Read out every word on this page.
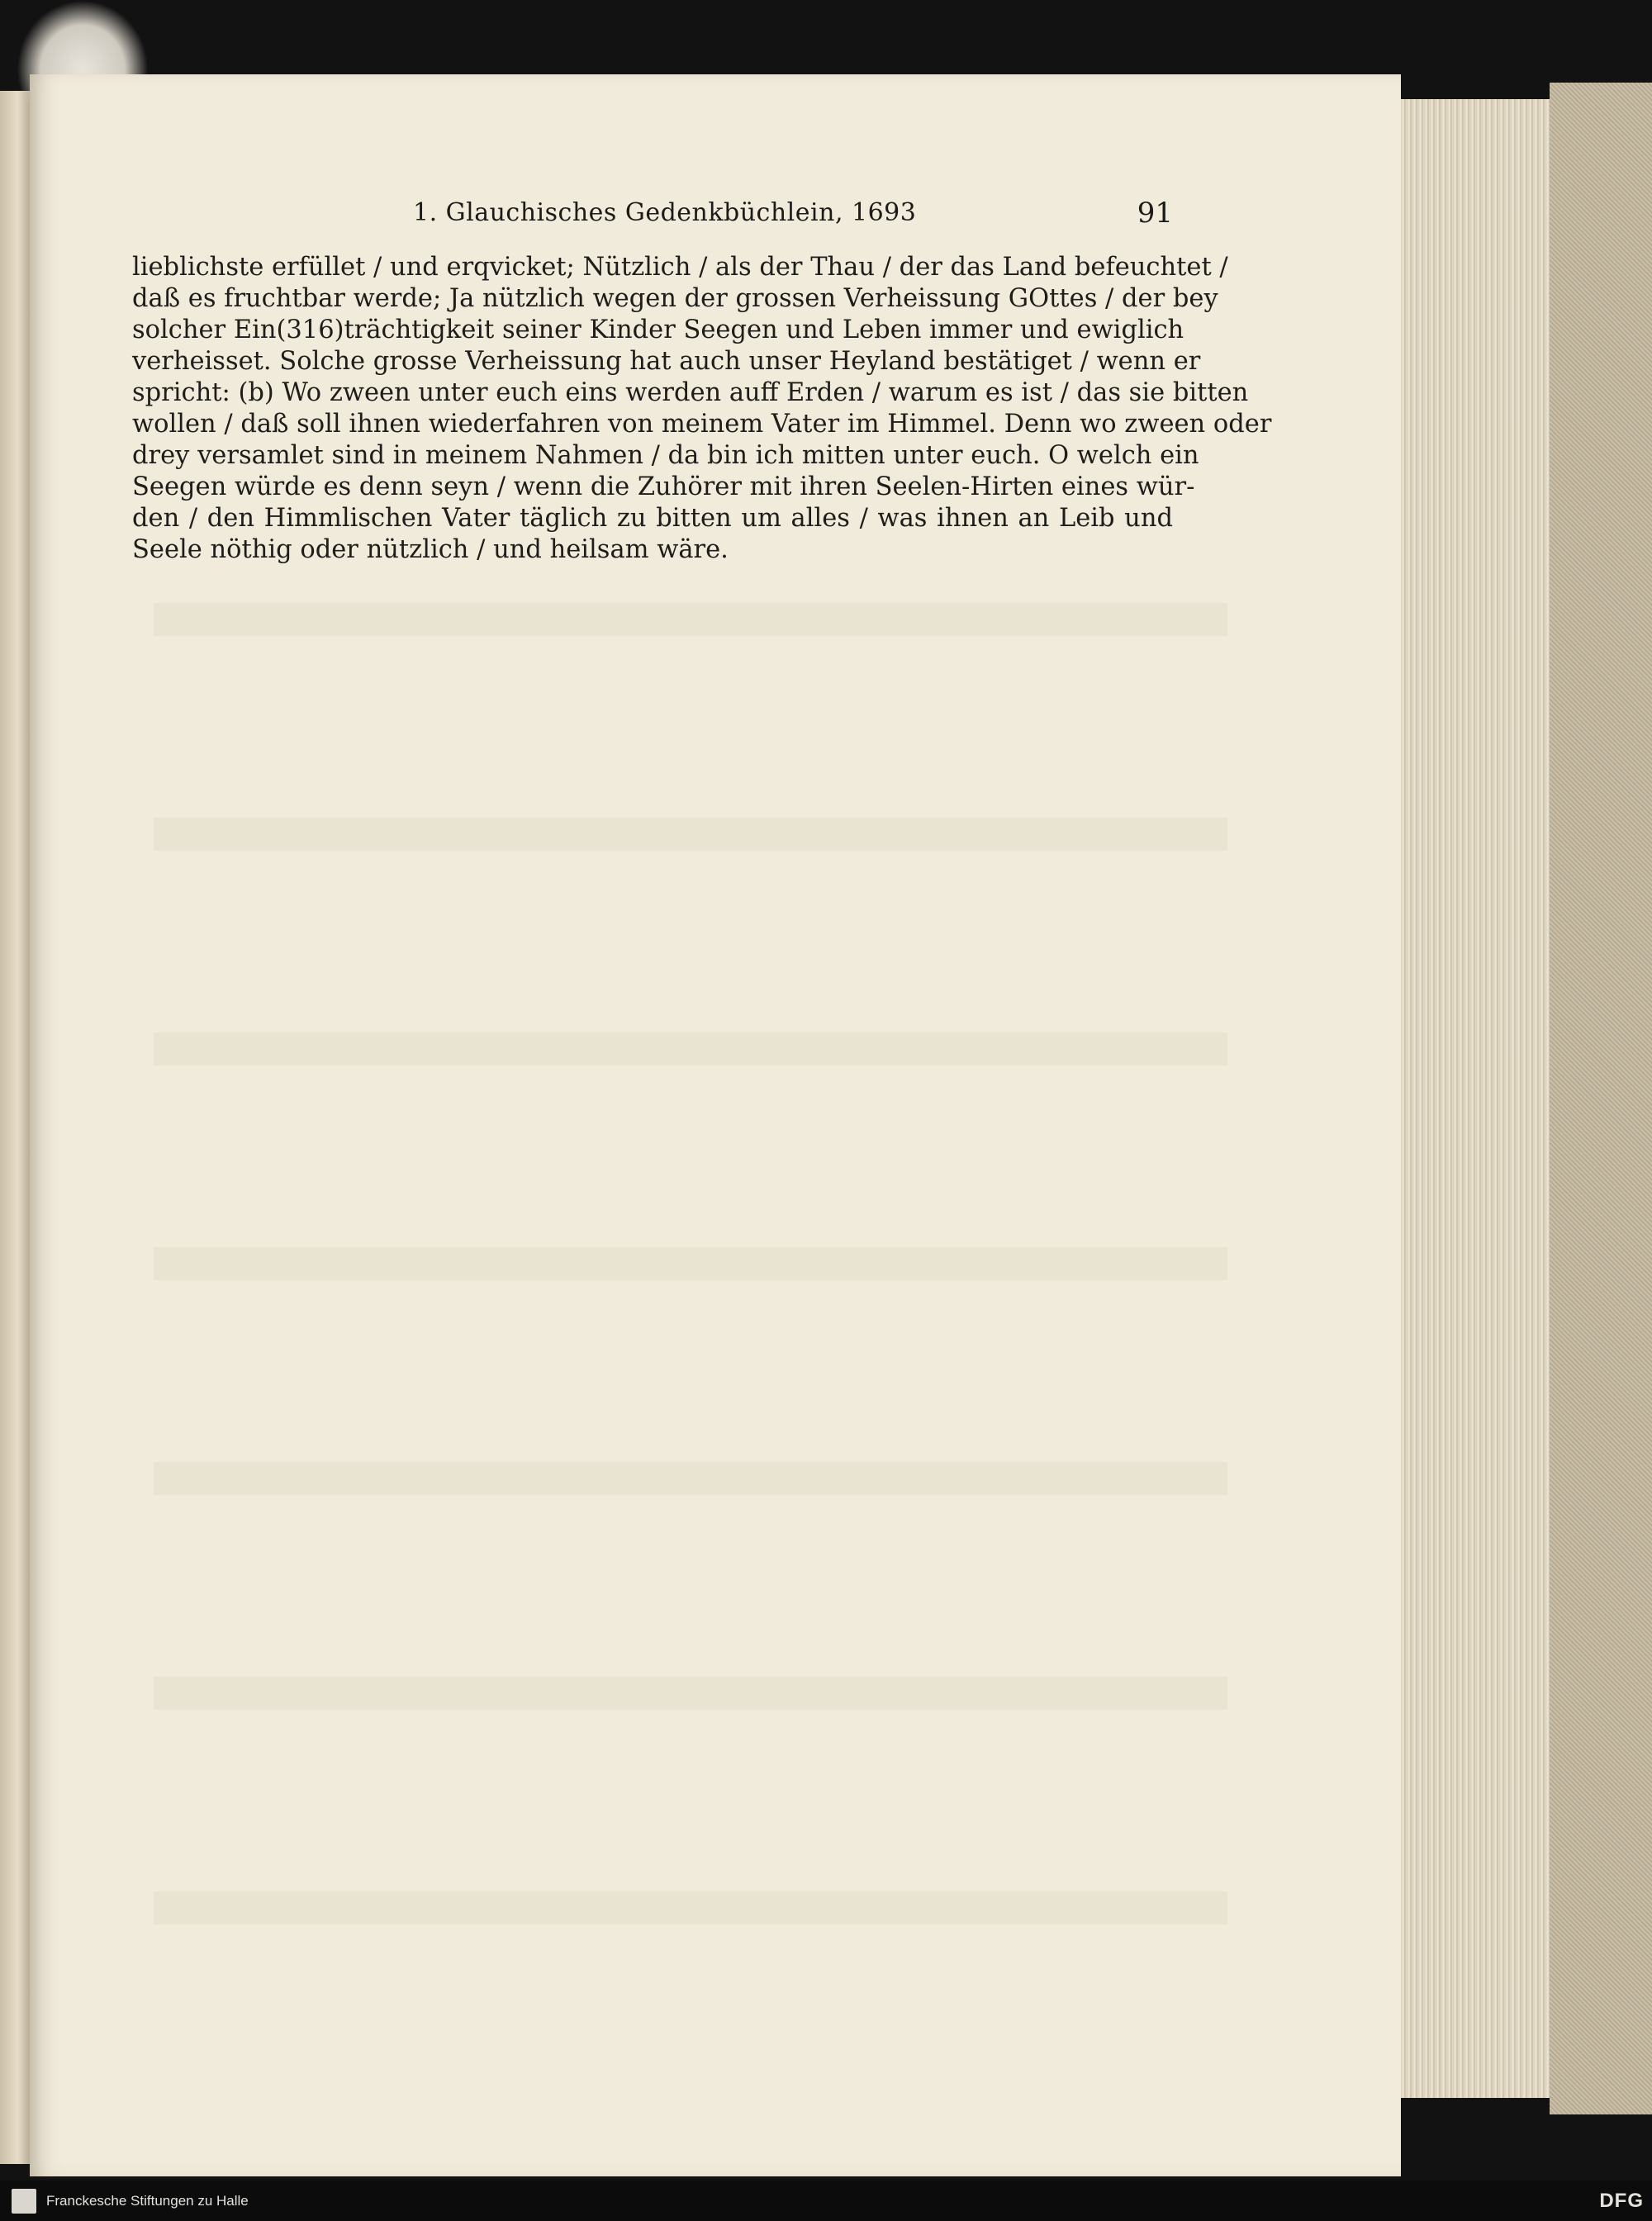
1. Glauchisches Gedenkbüchlein, 1693	91
lieblichste erfüllet / und erqvicket; Nützlich / als der Thau / der das Land befeuchtet /
daß es fruchtbar werde; Ja nützlich wegen der grossen Verheissung GOttes / der bey
solcher Ein(316)trächtigkeit seiner Kinder Seegen und Leben immer und ewiglich
verheisset. Solche grosse Verheissung hat auch unser Heyland bestätiget / wenn er
spricht: (b) Wo zween unter euch eins werden auff Erden / warum es ist / das sie bitten
wollen / daß soll ihnen wiederfahren von meinem Vater im Himmel. Denn wo zween oder
drey versamlet sind in meinem Nahmen / da bin ich mitten unter euch. O welch ein
Seegen würde es denn seyn / wenn die Zuhörer mit ihren Seelen-Hirten eines wür-
den / den Himmlischen Vater täglich zu bitten um alles / was ihnen an Leib und
Seele nöthig oder nützlich / und heilsam wäre.
Franckesche Stiftungen zu Halle	DFG
